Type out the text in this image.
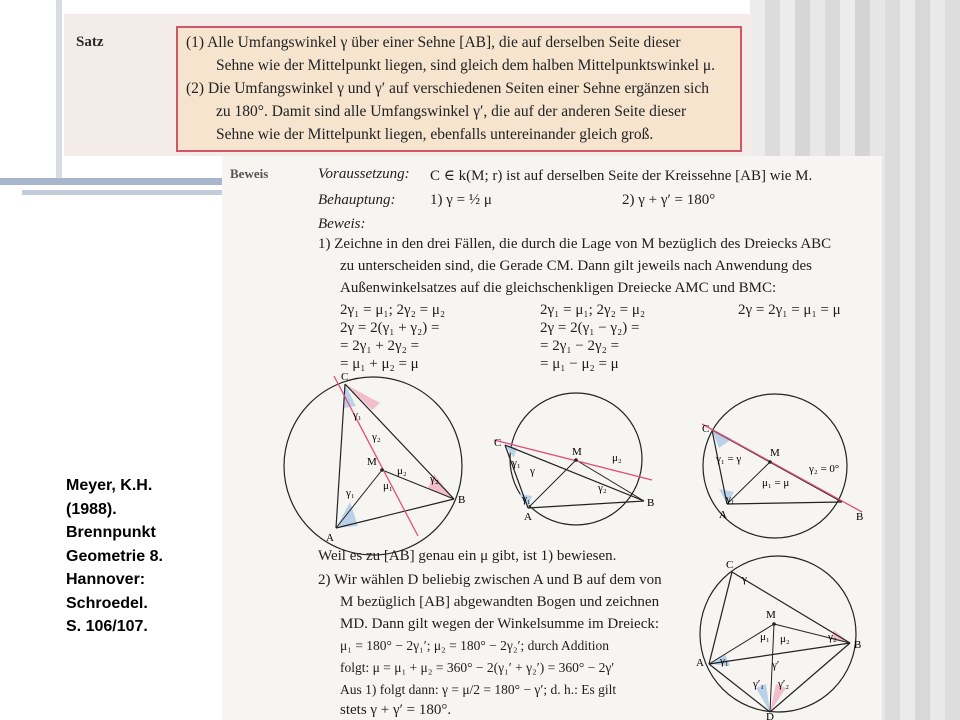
Satz	(1) Alle Umfangswinkel γ über einer Sehne [AB], die auf derselben Seite dieser

Sehne wie der Mittelpunkt liegen, sind gleich dem halben Mittelpunktswinkel μ.

(2) Die Umfangswinkel γ und γ′ auf verschiedenen Seiten einer Sehne ergänzen sich

zu 180°. Damit sind alle Umfangswinkel γ′, die auf der anderen Seite dieser

Sehne wie der Mittelpunkt liegen, ebenfalls untereinander gleich groß.

Beweis	Voraussetzung: C ∈ k(M; r) ist auf derselben Seite der Kreissehne [AB] wie M.
Behauptung: 1) γ = ½ μ	2) γ + γ′ = 180°
Beweis:
1) Zeichne in den drei Fällen, die durch die Lage von M bezüglich des Dreiecks ABC
zu unterscheiden sind, die Gerade CM. Dann gilt jeweils nach Anwendung des
Außenwinkelsatzes auf die gleichschenkligen Dreiecke AMC und BMC:
2γ₁ = μ₁; 2γ₂ = μ₂
2γ = 2(γ₁ + γ₂) =
= 2γ₁ + 2γ₂ =
= μ₁ + μ₂ = μ
2γ₁ = μ₁; 2γ₂ = μ₂
2γ = 2(γ₁ − γ₂) =
= 2γ₁ − 2γ₂ =
= μ₁ − μ₂ = μ
2γ = 2γ₁ = μ₁ = μ
C
M
A
B
γ₁
γ₂
γ₁
γ₂
μ₁
μ₂
C
M
A
B
γ₁
γ
γ₂
μ₂
γ₁
C
M
A	B
γ₁ = γ
γ₂ = 0°
μ₁ = μ
γ₁
C
M
A
B
D
γ₁
γ₂
μ₁ μ₂
γ′
γ′₁ γ′₂
γ
Weil es zu [AB] genau ein μ gibt, ist 1) bewiesen.
2) Wir wählen D beliebig zwischen A und B auf dem von
M bezüglich [AB] abgewandten Bogen und zeichnen
MD. Dann gilt wegen der Winkelsumme im Dreieck:
μ₁ = 180° − 2γ₁′; μ₂ = 180° − 2γ₂′; durch Addition
folgt: μ = μ₁ + μ₂ = 360° − 2(γ₁′ + γ₂′) = 360° − 2γ′
Aus 1) folgt dann: γ = μ/2 = 180° − γ′; d. h.: Es gilt
stets γ + γ′ = 180°.
Meyer, K.H.
(1988).
Brennpunkt
Geometrie 8.
Hannover:
Schroedel.
S. 106/107.
